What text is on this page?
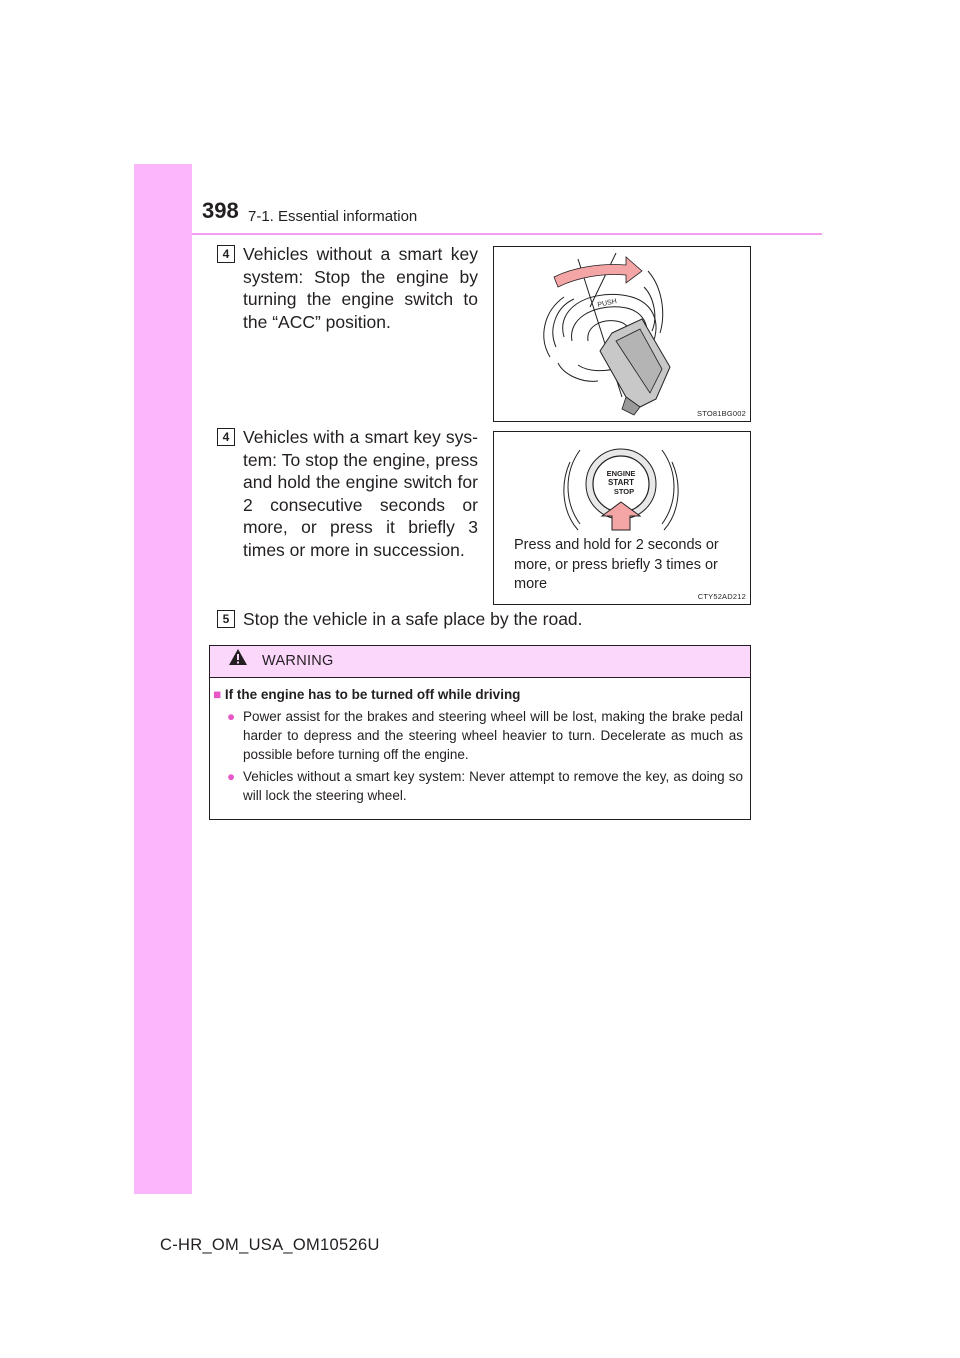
398 7-1. Essential information
4 Vehicles without a smart key system: Stop the engine by turning the engine switch to the “ACC” position.
PUSH
STO81BG002
4 Vehicles with a smart key sys-tem: To stop the engine, press and hold the engine switch for 2 consecutive seconds or more, or press it briefly 3 times or more in succession.
ENGINE
START
STOP
Press and hold for 2 seconds or more, or press briefly 3 times or more
CTY52AD212
5 Stop the vehicle in a safe place by the road.
WARNING
■ If the engine has to be turned off while driving
● Power assist for the brakes and steering wheel will be lost, making the brake pedal harder to depress and the steering wheel heavier to turn. Decelerate as much as possible before turning off the engine.
● Vehicles without a smart key system: Never attempt to remove the key, as doing so will lock the steering wheel.
C-HR_OM_USA_OM10526U
